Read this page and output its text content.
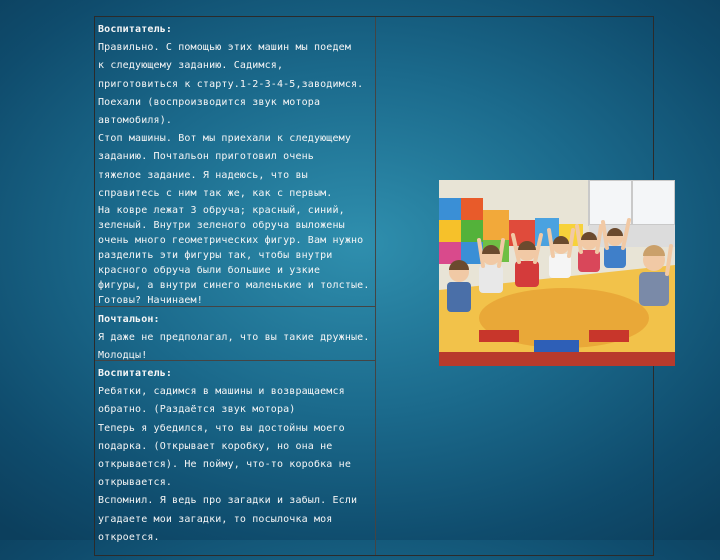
Воспитатель:
Правильно. С помощью этих машин мы поедем
к следующему заданию. Садимся,
приготовиться к старту.1-2-3-4-5,заводимся.
Поехали (воспроизводится звук мотора
автомобиля).
Стоп машины. Вот мы приехали к следующему
заданию. Почтальон приготовил очень
тяжелое задание. Я надеюсь, что вы
справитесь с ним так же, как с первым.
На ковре лежат 3 обруча; красный, синий,
зеленый. Внутри зеленого обруча выложены
очень много геометрических фигур. Вам нужно
разделить эти фигуры так, чтобы внутри
красного обруча были большие и узкие
фигуры, а внутри синего маленькие и толстые.
Готовы? Начинаем!
Почтальон:
Я даже не предполагал, что вы такие дружные.
Молодцы!
Воспитатель:
Ребятки, садимся в машины и возвращаемся
обратно. (Раздаётся звук мотора)
Теперь я убедился, что вы достойны моего
подарка. (Открывает коробку, но она не
открывается). Не пойму, что-то коробка не
открывается.
Вспомнил. Я ведь про загадки и забыл. Если
угадаете мои загадки, то посылочка моя
откроется.
